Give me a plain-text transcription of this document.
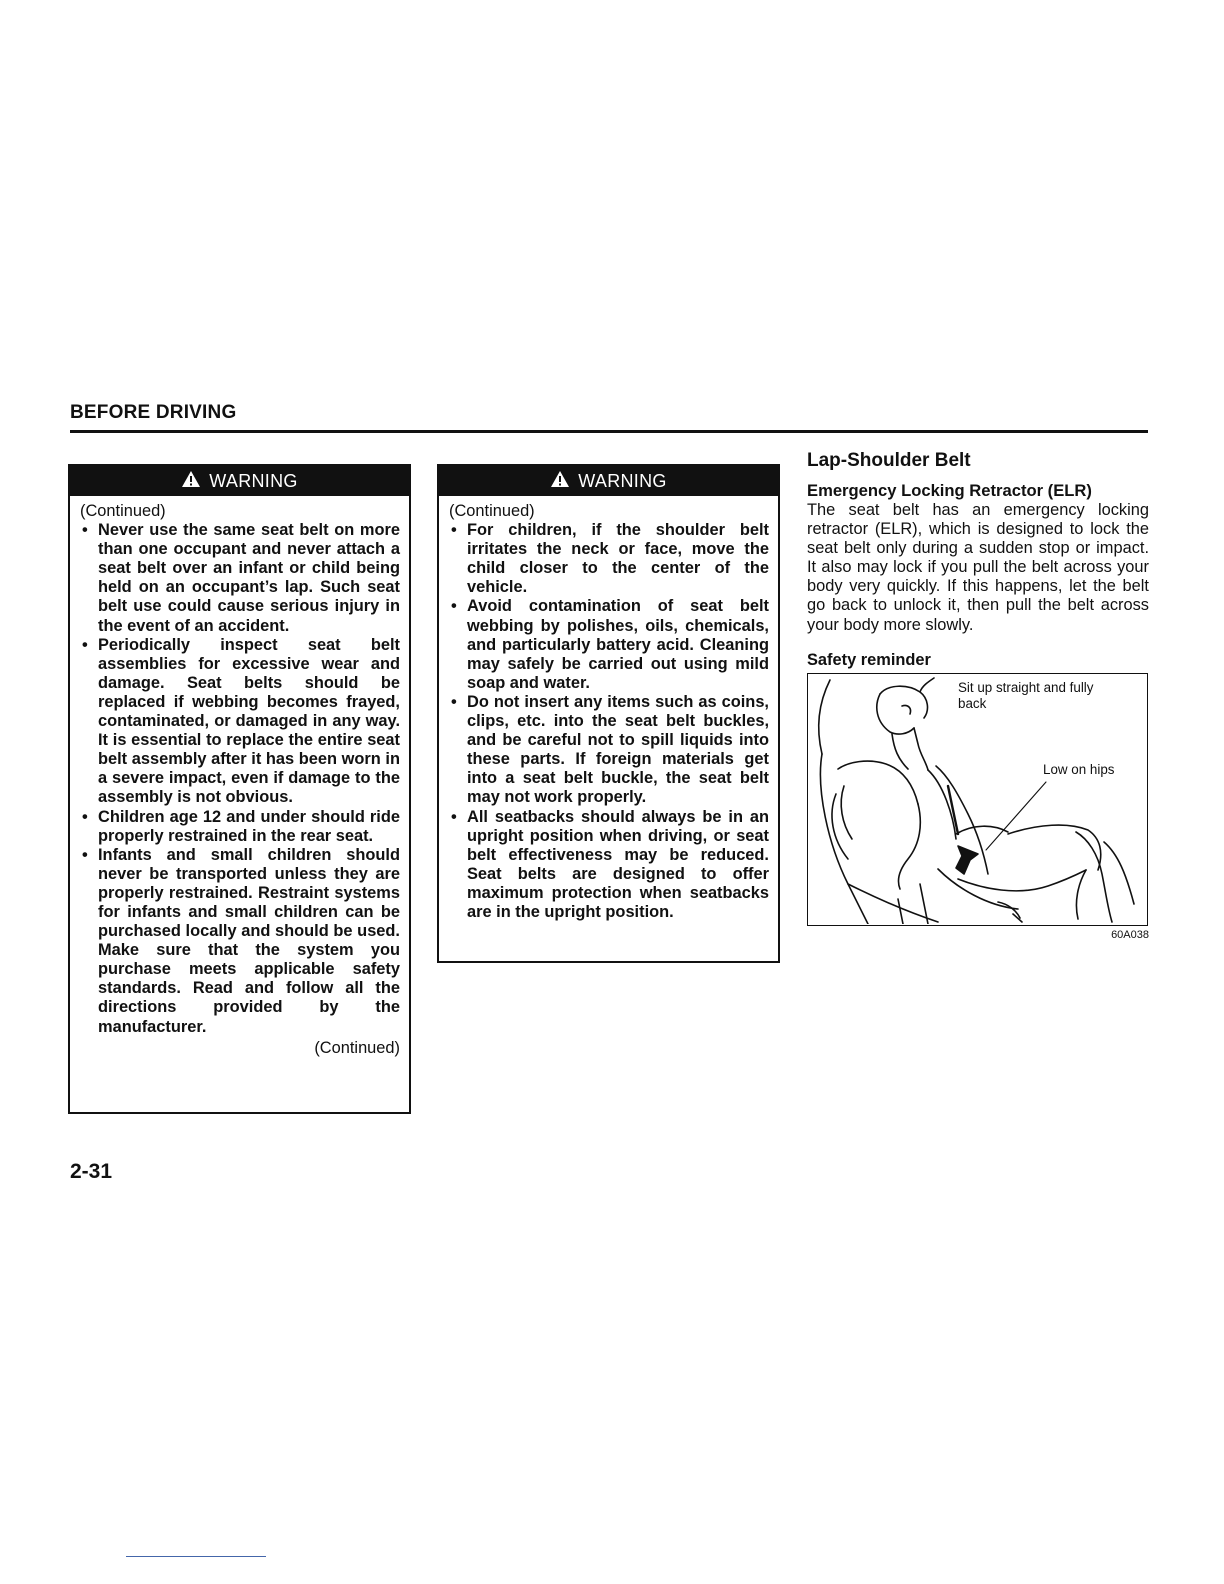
BEFORE DRIVING
WARNING
(Continued)
• Never use the same seat belt on more than one occupant and never attach a seat belt over an infant or child being held on an occupant’s lap. Such seat belt use could cause serious injury in the event of an accident.
• Periodically inspect seat belt assemblies for excessive wear and damage. Seat belts should be replaced if webbing becomes frayed, contaminated, or damaged in any way. It is essential to replace the entire seat belt assembly after it has been worn in a severe impact, even if damage to the assembly is not obvious.
• Children age 12 and under should ride properly restrained in the rear seat.
• Infants and small children should never be transported unless they are properly restrained. Restraint systems for infants and small children can be purchased locally and should be used. Make sure that the system you purchase meets applicable safety standards. Read and follow all the directions provided by the manufacturer.
(Continued)
WARNING
(Continued)
• For children, if the shoulder belt irritates the neck or face, move the child closer to the center of the vehicle.
• Avoid contamination of seat belt webbing by polishes, oils, chemicals, and particularly battery acid. Cleaning may safely be carried out using mild soap and water.
• Do not insert any items such as coins, clips, etc. into the seat belt buckles, and be careful not to spill liquids into these parts. If foreign materials get into a seat belt buckle, the seat belt may not work properly.
• All seatbacks should always be in an upright position when driving, or seat belt effectiveness may be reduced. Seat belts are designed to offer maximum protection when seatbacks are in the upright position.
Lap-Shoulder Belt
Emergency Locking Retractor (ELR)

The seat belt has an emergency locking retractor (ELR), which is designed to lock the seat belt only during a sudden stop or impact. It also may lock if you pull the belt across your body very quickly. If this happens, let the belt go back to unlock it, then pull the belt across your body more slowly.

Safety reminder
Sit up straight and fully back
Low on hips
60A038
2-31
